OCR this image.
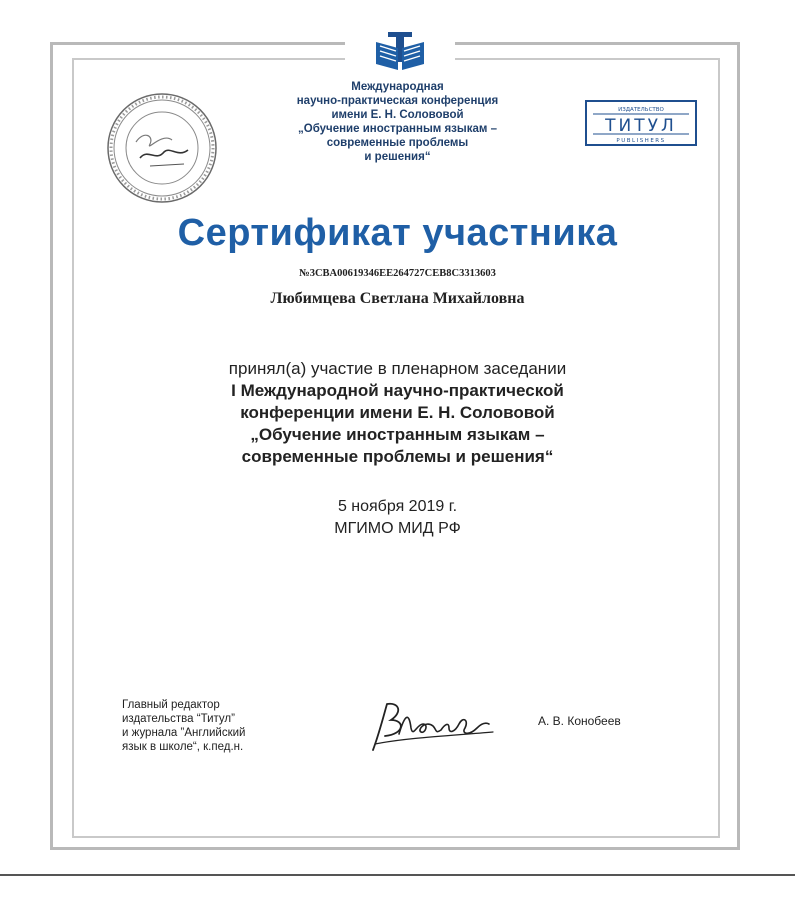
Международная
научно-практическая конференция
имени Е. Н. Солововой
„Обучение иностранным языкам –
современные проблемы
и решения“
ИЗДАТЕЛЬСТВО
ТИТУЛ
PUBLISHERS
Сертификат участника
№3CBA00619346EE264727CEB8C3313603
Любимцева Светлана Михайловна
принял(а) участие в пленарном заседании
I Международной научно-практической
конференции имени Е. Н. Солововой
„Обучение иностранным языкам –
современные проблемы и решения“
5 ноября 2019 г.
МГИМО МИД РФ
Главный редактор
издательства “Титул”
и журнала ”Английский
язык в школе“, к.пед.н.
А. В. Конобеев
